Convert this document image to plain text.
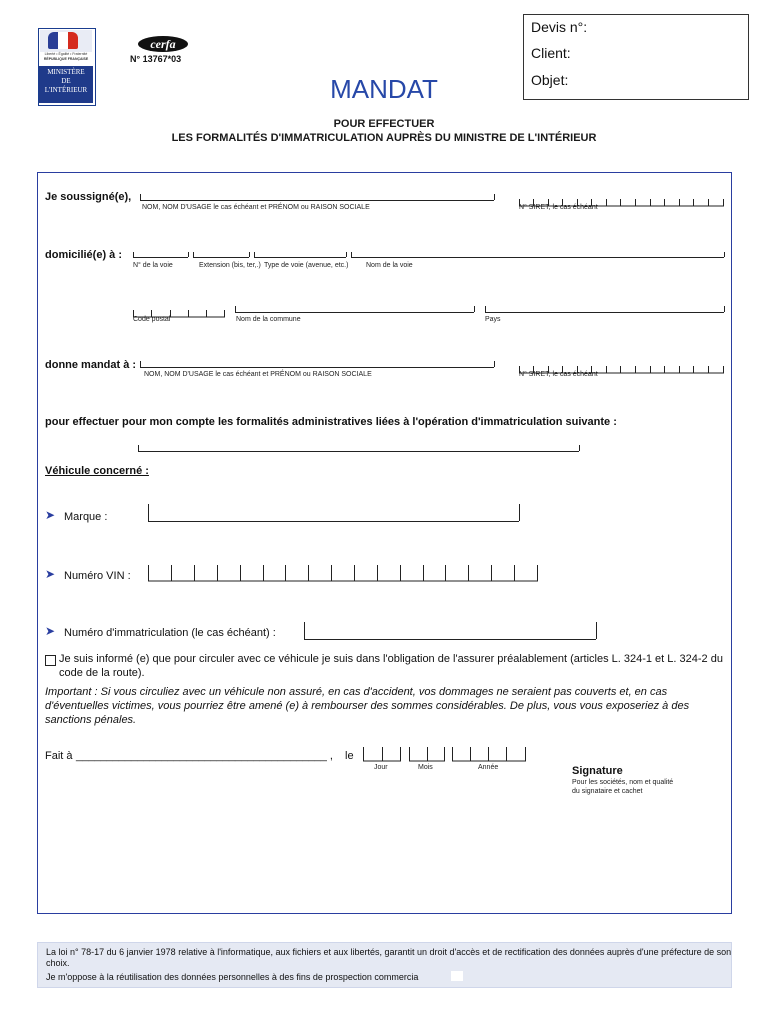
Liberté • Égalité • Fraternité
RÉPUBLIQUE FRANÇAISE
MINISTÈRE
DE
L'INTÉRIEUR
cerfa
N° 13767*03
MANDAT
POUR EFFECTUER
LES FORMALITÉS D'IMMATRICULATION AUPRÈS DU MINISTRE DE L'INTÉRIEUR
Devis n°:
Client:
Objet:
Je soussigné(e),
NOM, NOM D'USAGE le cas échéant et PRÉNOM ou RAISON SOCIALE	N° SIRET, le cas échéant
domicilié(e) à :
N° de la voie	Extension (bis, ter,.) Type de voie (avenue, etc.)	Nom de la voie
Code postal	Nom de la commune	Pays
donne mandat à :
NOM, NOM D'USAGE le cas échéant et PRÉNOM ou RAISON SOCIALE	N° SIRET, le cas échéant
pour effectuer pour mon compte les formalités administratives liées à l'opération d'immatriculation suivante :
Véhicule concerné :
➤ Marque :
➤ Numéro VIN :
➤ Numéro d'immatriculation (le cas échéant) :
Je suis informé (e) que pour circuler avec ce véhicule je suis dans l'obligation de l'assurer préalablement (articles L. 324-1 et L. 324-2 du code de la route).
Important : Si vous circuliez avec un véhicule non assuré, en cas d'accident, vos dommages ne seraient pas couverts et, en cas d'éventuelles victimes, vous pourriez être amené (e) à rembourser des sommes considérables. De plus, vous vous exposeriez à des sanctions pénales.
Fait à _________________________________________ , le
Jour	Mois	Année	Signature
Pour les sociétés, nom et qualité
du signataire et cachet
La loi n° 78-17 du 6 janvier 1978 relative à l'informatique, aux fichiers et aux libertés, garantit un droit d'accès et de rectification des données auprès d'une préfecture de son choix.
Je m'oppose à la réutilisation des données personnelles à des fins de prospection commercia
